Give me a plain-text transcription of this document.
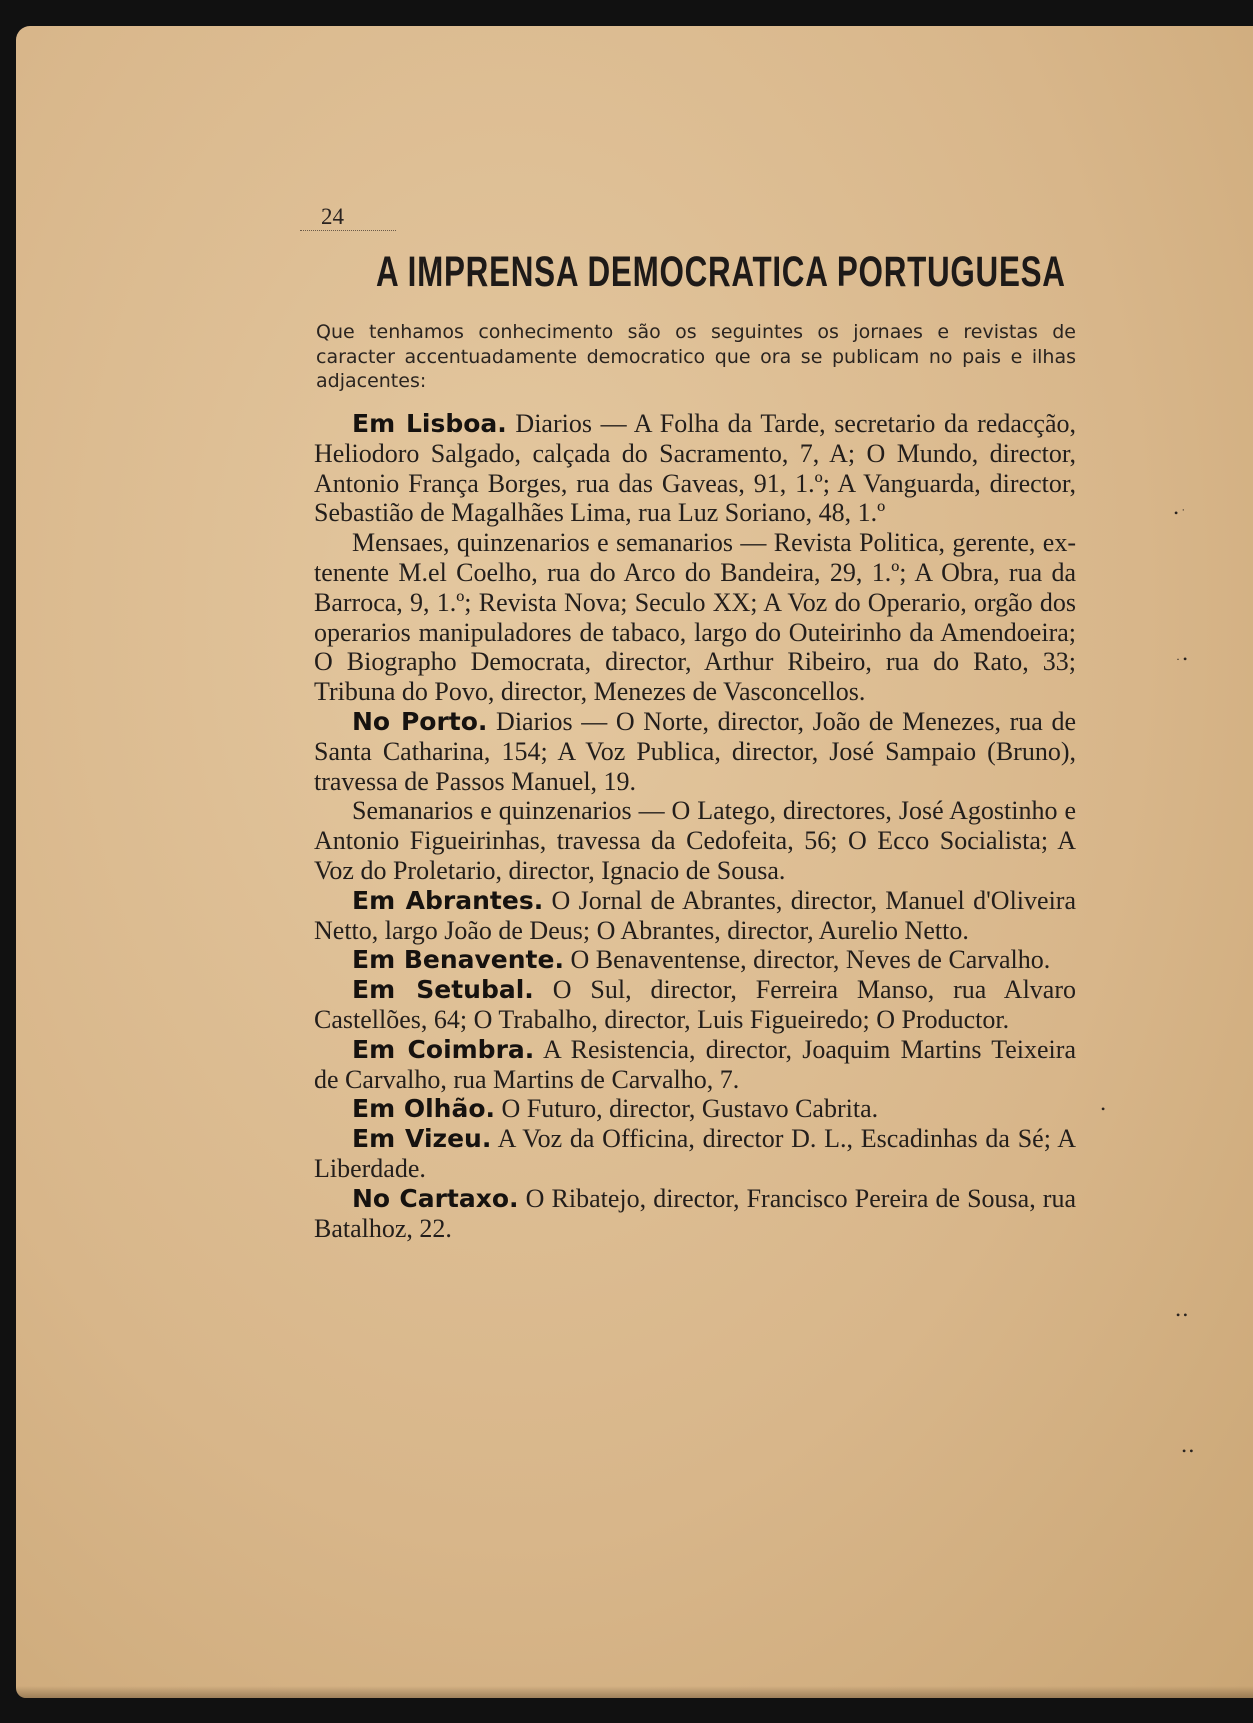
24
A IMPRENSA DEMOCRATICA PORTUGUESA
Que tenhamos conhecimento são os seguintes os jornaes e revistas de caracter accentuadamente democratico que ora se publicam no pais e ilhas adjacentes:

Em Lisboa. Diarios — A Folha da Tarde, secretario da redacção, Heliodoro Salgado, calçada do Sacramento, 7, A; O Mundo, director, Antonio França Borges, rua das Gaveas, 91, 1.º; A Vanguarda, director, Sebastião de Magalhães Lima, rua Luz Soriano, 48, 1.º

Mensaes, quinzenarios e semanarios — Revista Politica, gerente, ex-tenente M.el Coelho, rua do Arco do Bandeira, 29, 1.º; A Obra, rua da Barroca, 9, 1.º; Revista Nova; Seculo XX; A Voz do Operario, orgão dos operarios manipuladores de tabaco, largo do Outeirinho da Amendoeira; O Biographo Democrata, director, Arthur Ribeiro, rua do Rato, 33; Tribuna do Povo, director, Menezes de Vasconcellos.

No Porto. Diarios — O Norte, director, João de Menezes, rua de Santa Catharina, 154; A Voz Publica, director, José Sampaio (Bruno), travessa de Passos Manuel, 19.

Semanarios e quinzenarios — O Latego, directores, José Agostinho e Antonio Figueirinhas, travessa da Cedofeita, 56; O Ecco Socialista; A Voz do Proletario, director, Ignacio de Sousa.

Em Abrantes. O Jornal de Abrantes, director, Manuel d'Oliveira Netto, largo João de Deus; O Abrantes, director, Aurelio Netto.

Em Benavente. O Benaventense, director, Neves de Carvalho.

Em Setubal. O Sul, director, Ferreira Manso, rua Alvaro Castellões, 64; O Trabalho, director, Luis Figueiredo; O Productor.

Em Coimbra. A Resistencia, director, Joaquim Martins Teixeira de Carvalho, rua Martins de Carvalho, 7.

Em Olhão. O Futuro, director, Gustavo Cabrita.

Em Vizeu. A Voz da Officina, director D. L., Escadinhas da Sé; A Liberdade.

No Cartaxo. O Ribatejo, director, Francisco Pereira de Sousa, rua Batalhoz, 22.

• ˙
· •
•
• •
• •
